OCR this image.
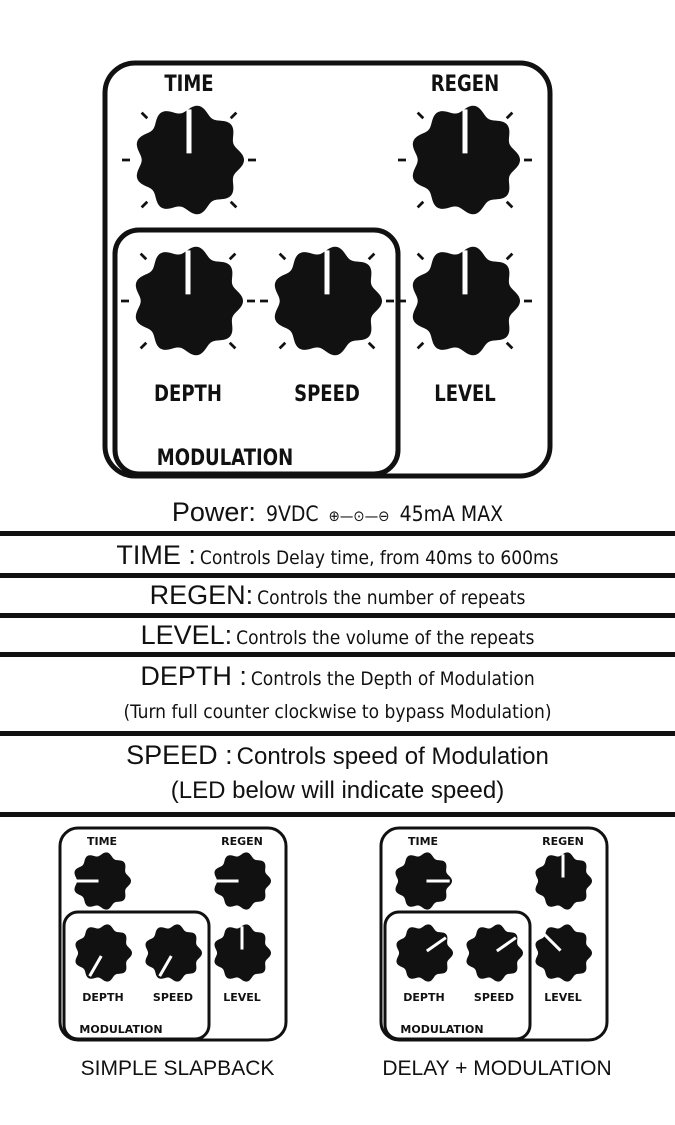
TIME	REGEN
DEPTH	SPEED	LEVEL
MODULATION
Power: 9VDC ⊕—⊙—⊖ 45mA MAX
TIME : Controls Delay time, from 40ms to 600ms
REGEN: Controls the number of repeats
LEVEL: Controls the volume of the repeats
DEPTH : Controls the Depth of Modulation
(Turn full counter clockwise to bypass Modulation)
SPEED : Controls speed of Modulation
(LED below will indicate speed)
TIME	REGEN
DEPTH	SPEED	LEVEL
MODULATION
TIME	REGEN
DEPTH	SPEED	LEVEL
MODULATION
SIMPLE SLAPBACK	DELAY + MODULATION
